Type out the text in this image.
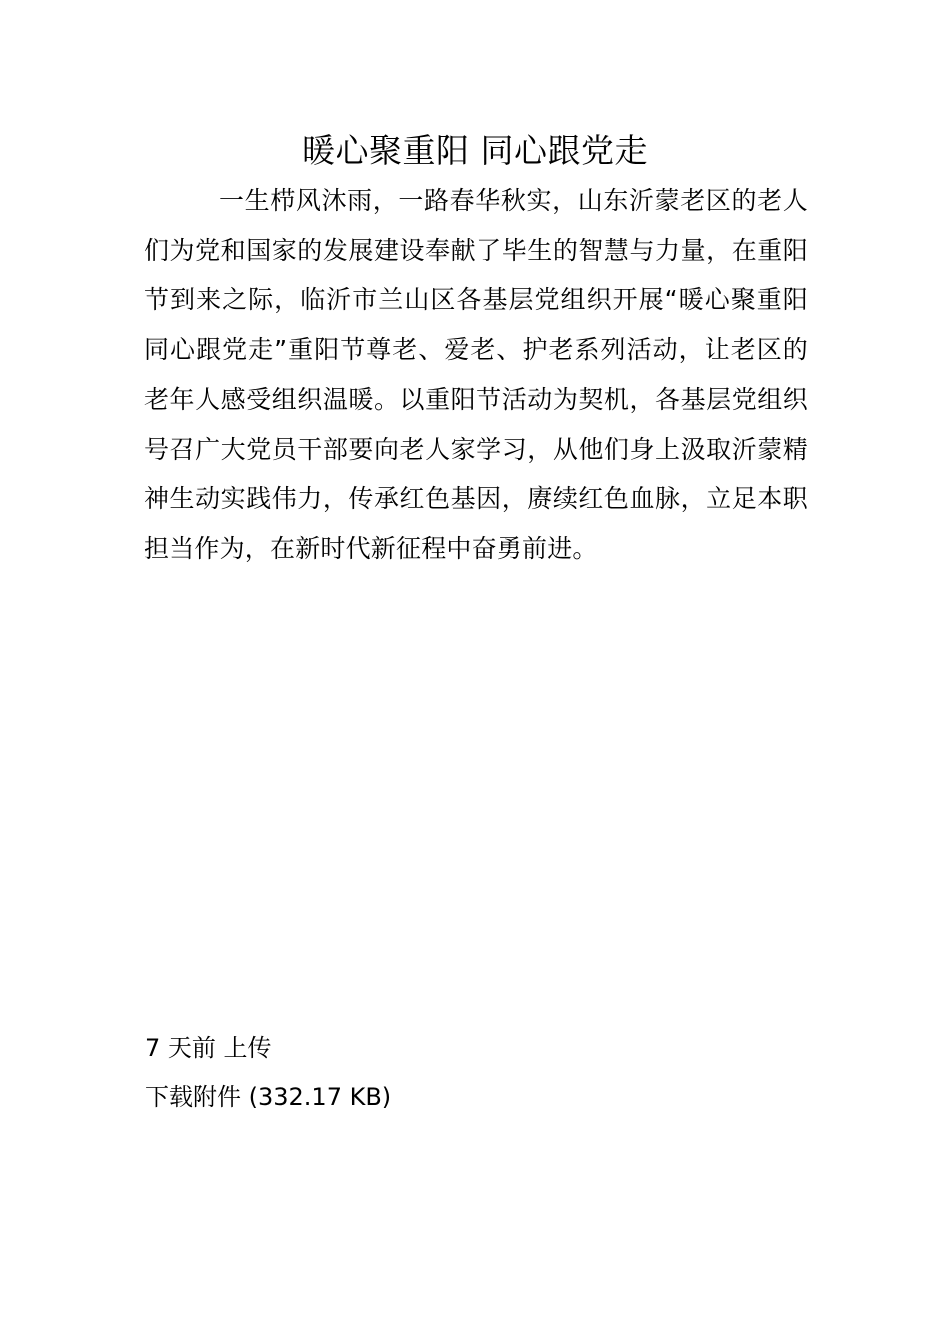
暖心聚重阳 同心跟党走

一生栉风沐雨，一路春华秋实，山东沂蒙老区的老人们为党和国家的发展建设奉献了毕生的智慧与力量，在重阳节到来之际，临沂市兰山区各基层党组织开展“暖心聚重阳 同心跟党走”重阳节尊老、爱老、护老系列活动，让老区的老年人感受组织温暖。以重阳节活动为契机，各基层党组织号召广大党员干部要向老人家学习，从他们身上汲取沂蒙精神生动实践伟力，传承红色基因，赓续红色血脉，立足本职担当作为，在新时代新征程中奋勇前进。

7 天前 上传
下载附件 (332.17 KB)
